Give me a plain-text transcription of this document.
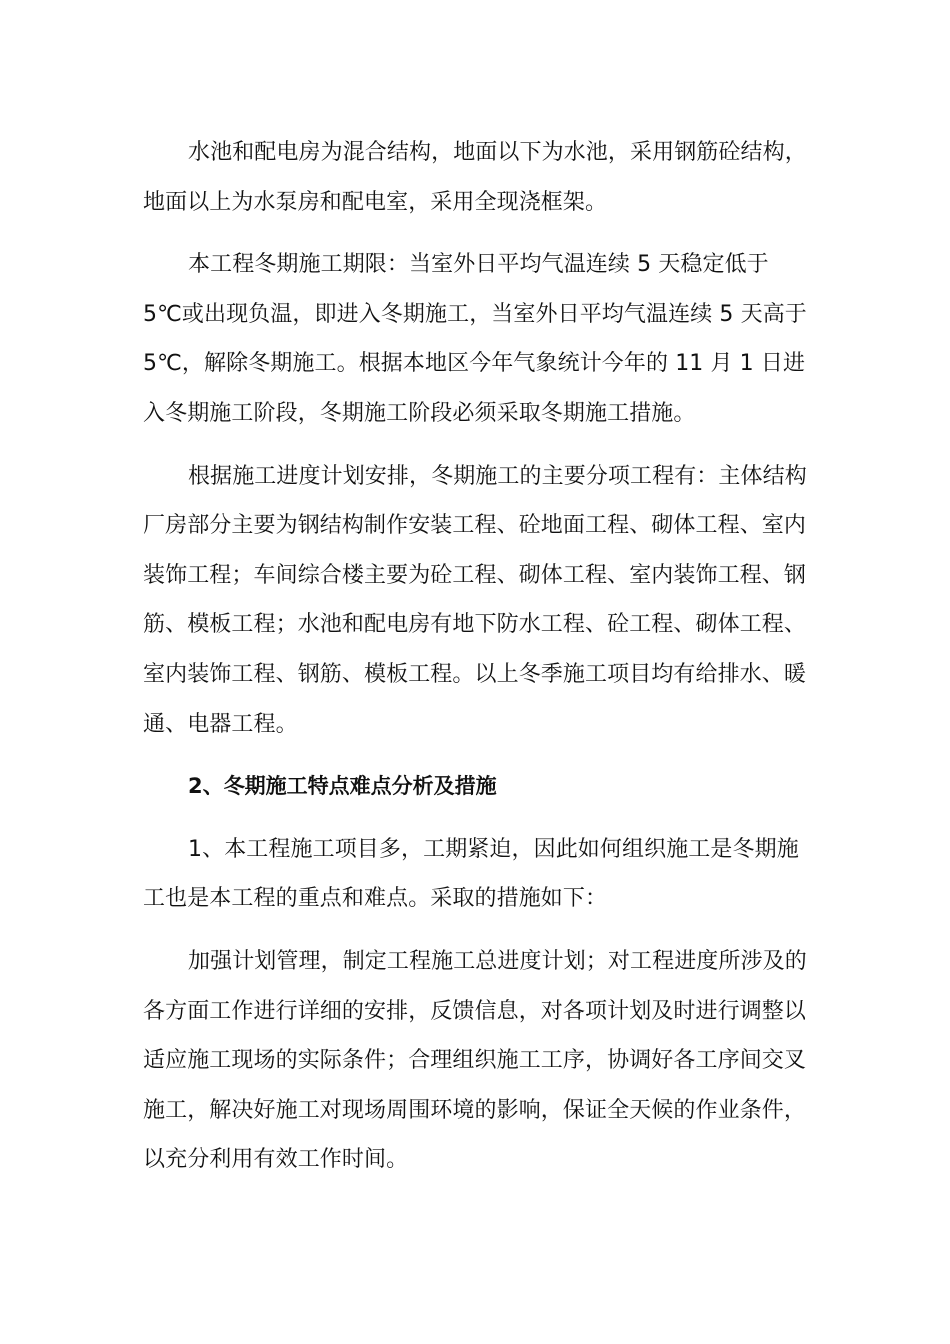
水池和配电房为混合结构，地面以下为水池，采用钢筋砼结构，地面以上为水泵房和配电室，采用全现浇框架。

本工程冬期施工期限：当室外日平均气温连续 5 天稳定低于 5℃或出现负温，即进入冬期施工，当室外日平均气温连续 5 天高于5℃，解除冬期施工。根据本地区今年气象统计今年的 11 月 1 日进入冬期施工阶段，冬期施工阶段必须采取冬期施工措施。

根据施工进度计划安排，冬期施工的主要分项工程有：主体结构厂房部分主要为钢结构制作安装工程、砼地面工程、砌体工程、室内装饰工程；车间综合楼主要为砼工程、砌体工程、室内装饰工程、钢筋、模板工程；水池和配电房有地下防水工程、砼工程、砌体工程、室内装饰工程、钢筋、模板工程。以上冬季施工项目均有给排水、暖通、电器工程。

2、冬期施工特点难点分析及措施

1、本工程施工项目多，工期紧迫，因此如何组织施工是冬期施工也是本工程的重点和难点。采取的措施如下：

加强计划管理，制定工程施工总进度计划；对工程进度所涉及的各方面工作进行详细的安排，反馈信息，对各项计划及时进行调整以适应施工现场的实际条件；合理组织施工工序，协调好各工序间交叉施工，解决好施工对现场周围环境的影响，保证全天候的作业条件，以充分利用有效工作时间。
